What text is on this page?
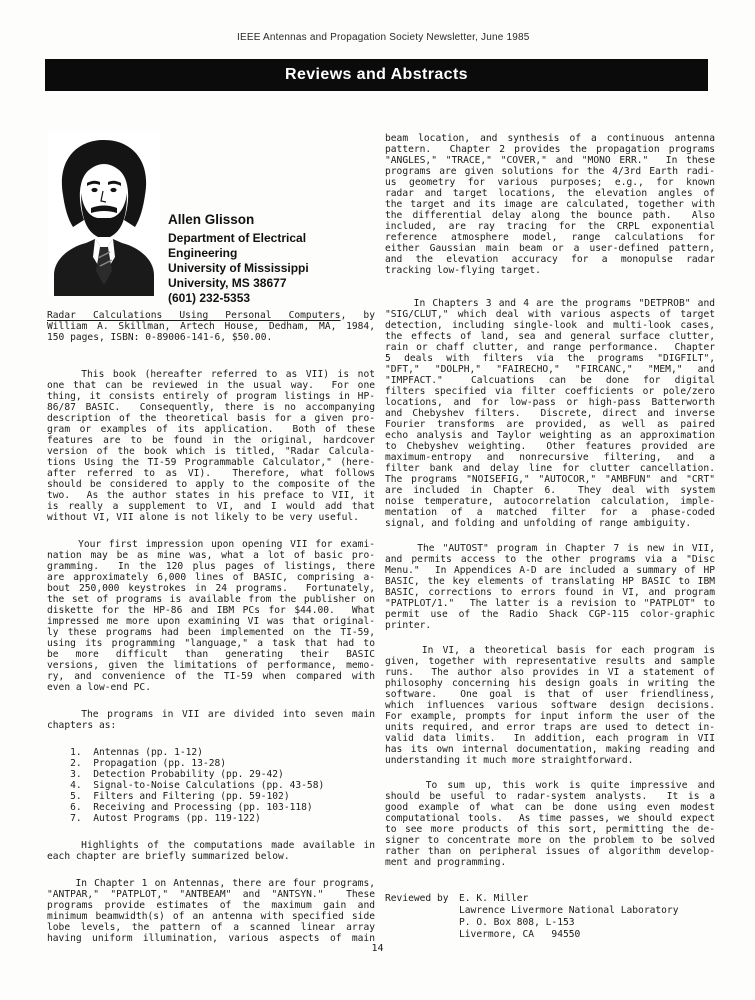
IEEE Antennas and Propagation Society Newsletter, June 1985
Reviews and Abstracts
Allen Glisson
Department of Electrical
Engineering
University of Mississippi
University, MS 38677
(601) 232-5353
Radar Calculations Using Personal Computers, by
William A. Skillman, Artech House, Dedham, MA, 1984,
150 pages, ISBN: 0-89006-141-6, $50.00.
This book (hereafter referred to as VII) is not
one that can be reviewed in the usual way.  For one
thing, it consists entirely of program listings in HP-
86/87 BASIC.  Consequently, there is no accompanying
description of the theoretical basis for a given pro-
gram or examples of its application.  Both of these
features are to be found in the original, hardcover
version of the book which is titled, "Radar Calcula-
tions Using the TI-59 Programmable Calculator," (here-
after referred to as VI).  Therefore, what follows
should be considered to apply to the composite of the
two.  As the author states in his preface to VII, it
is really a supplement to VI, and I would add that
without VI, VII alone is not likely to be very useful.
Your first impression upon opening VII for exami-
nation may be as mine was, what a lot of basic pro-
gramming.  In the 120 plus pages of listings, there
are approximately 6,000 lines of BASIC, comprising a-
bout 250,000 keystrokes in 24 programs.  Fortunately,
the set of programs is available from the publisher on
diskette for the HP-86 and IBM PCs for $44.00.  What
impressed me more upon examining VI was that original-
ly these programs had been implemented on the TI-59,
using its programming "language," a task that had to
be more difficult than generating their BASIC
versions, given the limitations of performance, memo-
ry, and convenience of the TI-59 when compared with
even a low-end PC.
The programs in VII are divided into seven main
chapters as:
1.  Antennas (pp. 1-12)
2.  Propagation (pp. 13-28)
3.  Detection Probability (pp. 29-42)
4.  Signal-to-Noise Calculations (pp. 43-58)
5.  Filters and Filtering (pp. 59-102)
6.  Receiving and Processing (pp. 103-118)
7.  Autost Programs (pp. 119-122)
Highlights of the computations made available in
each chapter are briefly summarized below.
In Chapter 1 on Antennas, there are four programs,
"ANTPAR," "PATPLOT," "ANTBEAM" and "ANTSYN."  These
programs provide estimates of the maximum gain and
minimum beamwidth(s) of an antenna with specified side
lobe levels, the pattern of a scanned linear array
having uniform illumination, various aspects of main
beam location, and synthesis of a continuous antenna
pattern.  Chapter 2 provides the propagation programs
"ANGLES," "TRACE," "COVER," and "MONO ERR."  In these
programs are given solutions for the 4/3rd Earth radi-
us geometry for various purposes; e.g., for known
radar and target locations, the elevation angles of
the target and its image are calculated, together with
the differential delay along the bounce path.  Also
included, are ray tracing for the CRPL exponential
reference atmosphere model, range calculations for
either Gaussian main beam or a user-defined pattern,
and the elevation accuracy for a monopulse radar
tracking low-flying target.
In Chapters 3 and 4 are the programs "DETPROB" and
"SIG/CLUT," which deal with various aspects of target
detection, including single-look and multi-look cases,
the effects of land, sea and general surface clutter,
rain or chaff clutter, and range performance.  Chapter
5 deals with filters via the programs "DIGFILT",
"DFT," "DOLPH," "FAIRECHO," "FIRCANC," "MEM," and
"IMPFACT."  Calcuations can be done for digital
filters specified via filter coefficients or pole/zero
locations, and for low-pass or high-pass Batterworth
and Chebyshev filters.  Discrete, direct and inverse
Fourier transforms are provided, as well as paired
echo analysis and Taylor weighting as an approximation
to Chebyshev weighting.  Other features provided are
maximum-entropy and nonrecursive filtering, and a
filter bank and delay line for clutter cancellation.
The programs "NOISEFIG," "AUTOCOR," "AMBFUN" and "CRT"
are included in Chapter 6.  They deal with system
noise temperature, autocorrelation calculation, imple-
mentation of a matched filter for a phase-coded
signal, and folding and unfolding of range ambiguity.
The "AUTOST" program in Chapter 7 is new in VII,
and permits access to the other programs via a "Disc
Menu."  In Appendices A-D are included a summary of HP
BASIC, the key elements of translating HP BASIC to IBM
BASIC, corrections to errors found in VI, and program
"PATPLOT/1."  The latter is a revision to "PATPLOT" to
permit use of the Radio Shack CGP-115 color-graphic
printer.
In VI, a theoretical basis for each program is
given, together with representative results and sample
runs.  The author also provides in VI a statement of
philosophy concerning his design goals in writing the
software.  One goal is that of user friendliness,
which influences various software design decisions.
For example, prompts for input inform the user of the
units required, and error traps are used to detect in-
valid data limits.  In addition, each program in VII
has its own internal documentation, making reading and
understanding it much more straightforward.
To sum up, this work is quite impressive and
should be useful to radar-system analysts.  It is a
good example of what can be done using even modest
computational tools.  As time passes, we should expect
to see more products of this sort, permitting the de-
signer to concentrate more on the problem to be solved
rather than on peripheral issues of algorithm develop-
ment and programming.
Reviewed by	E. K. Miller
Lawrence Livermore National Laboratory
P. O. Box 808, L-153
Livermore, CA   94550
14
